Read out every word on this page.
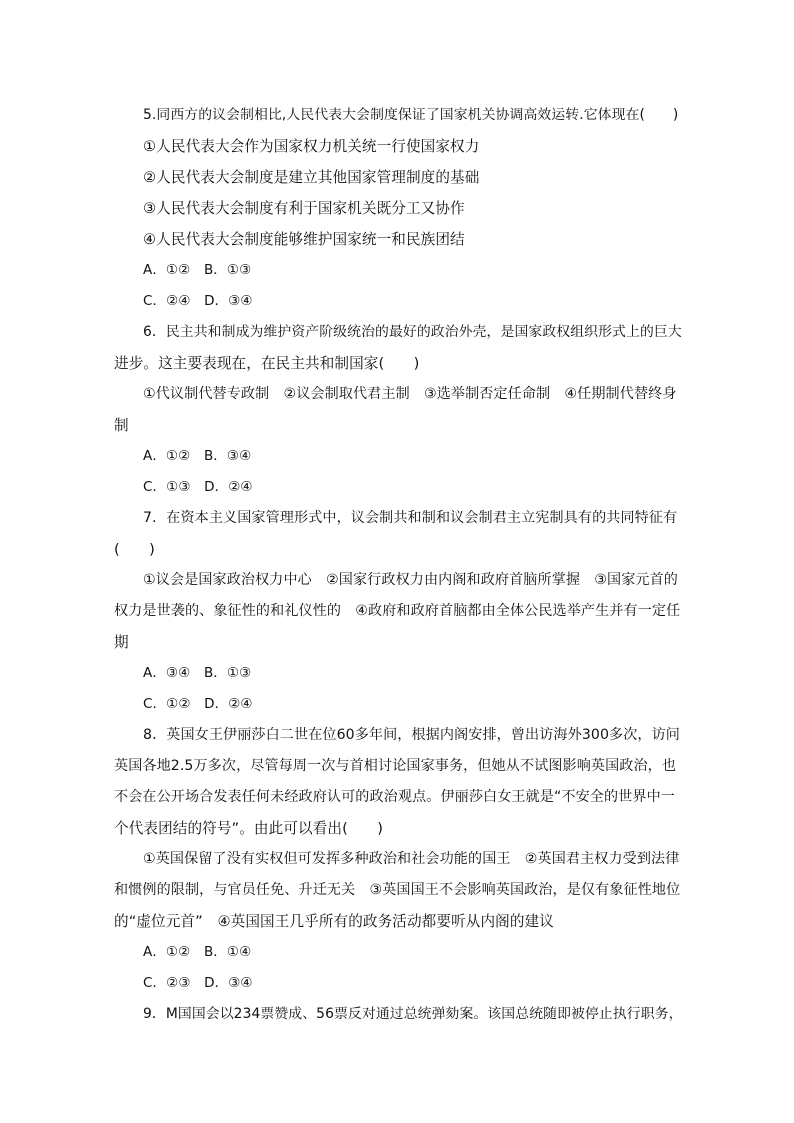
5.同西方的议会制相比,人民代表大会制度保证了国家机关协调高效运转.它体现在(　　)
①人民代表大会作为国家权力机关统一行使国家权力
②人民代表大会制度是建立其他国家管理制度的基础
③人民代表大会制度有利于国家机关既分工又协作
④人民代表大会制度能够维护国家统一和民族团结
A．①②　B．①③
C．②④　D．③④
6．民主共和制成为维护资产阶级统治的最好的政治外壳，是国家政权组织形式上的巨大
进步。这主要表现在，在民主共和制国家(　　)
①代议制代替专政制　②议会制取代君主制　③选举制否定任命制　④任期制代替终身
制
A．①②　B．③④
C．①③　D．②④
7．在资本主义国家管理形式中，议会制共和制和议会制君主立宪制具有的共同特征有
(　　)
①议会是国家政治权力中心　②国家行政权力由内阁和政府首脑所掌握　③国家元首的
权力是世袭的、象征性的和礼仪性的　④政府和政府首脑都由全体公民选举产生并有一定任
期
A．③④　B．①③
C．①②　D．②④
8．英国女王伊丽莎白二世在位60多年间，根据内阁安排，曾出访海外300多次，访问
英国各地2.5万多次，尽管每周一次与首相讨论国家事务，但她从不试图影响英国政治，也
不会在公开场合发表任何未经政府认可的政治观点。伊丽莎白女王就是“不安全的世界中一
个代表团结的符号”。由此可以看出(　　)
①英国保留了没有实权但可发挥多种政治和社会功能的国王　②英国君主权力受到法律
和惯例的限制，与官员任免、升迁无关　③英国国王不会影响英国政治，是仅有象征性地位
的“虚位元首”　④英国国王几乎所有的政务活动都要听从内阁的建议
A．①②　B．①④
C．②③　D．③④
9．M国国会以234票赞成、56票反对通过总统弹劾案。该国总统随即被停止执行职务，
